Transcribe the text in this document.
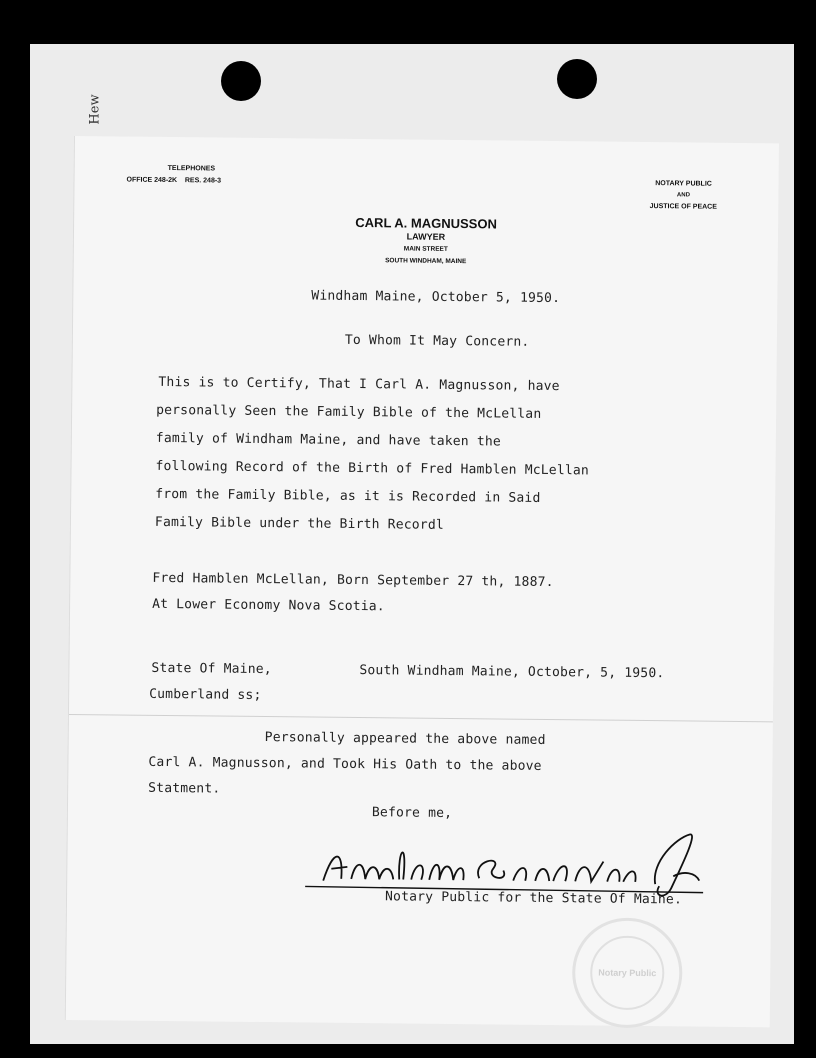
Hew
TELEPHONES
OFFICE 248-2K RES. 248-3	NOTARY PUBLIC
AND
JUSTICE OF PEACE
CARL A. MAGNUSSON
LAWYER
MAIN STREET
SOUTH WINDHAM, MAINE
Windham Maine, October 5, 1950.
To Whom It May Concern.
This is to Certify, That I Carl A. Magnusson, have
personally Seen the Family Bible of the McLellan
family of Windham Maine, and have taken the
following Record of the Birth of Fred Hamblen McLellan
from the Family Bible, as it is Recorded in Said
Family Bible under the Birth Recordl
Fred Hamblen McLellan, Born September 27 th, 1887.
At Lower Economy Nova Scotia.
State Of Maine,	South Windham Maine, October, 5, 1950.
Cumberland ss;
Personally appeared the above named
Carl A. Magnusson, and Took His Oath to the above
Statment.
Before me,
Notary Public for the State Of Maine.
Notary Public
